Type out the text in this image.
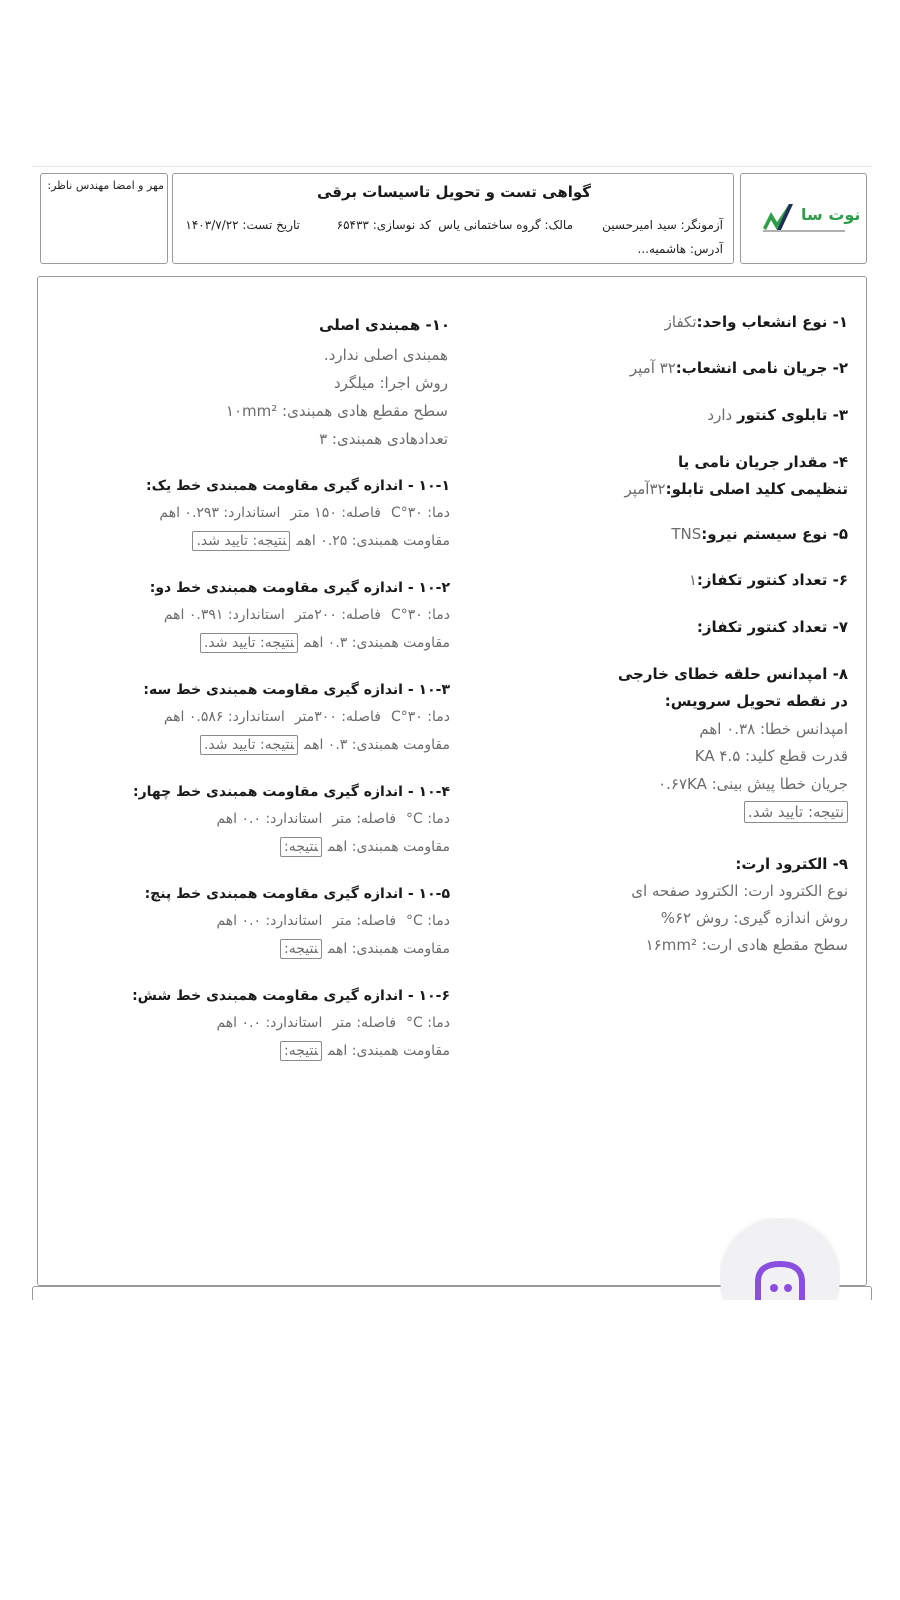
نوت سا
گواهی تست و تحویل تاسیسات برقی
آزمونگر: سید امیرحسین
مالک: گروه ساختمانی یاس
کد نوسازی: ۶۵۴۳۳
تاریخ تست: ۱۴۰۳/۷/۲۲
آدرس: هاشمیه...
مهر و امضا مهندس ناظر:
۱- نوع انشعاب واحد:تکفاز
۲- جریان نامی انشعاب:۳۲ آمپر
۳- تابلوی کنتور دارد
۴- مقدار جریان نامی یا
تنظیمی کلید اصلی تابلو:۳۲آمپر
۵- نوع سیستم نیرو:TNS
۶- تعداد کنتور تکفاز:۱
۷- تعداد کنتور تکفاز:
۸- امپدانس حلقه خطای خارجی
در نقطه تحویل سرویس:
امپدانس خطا: ۰.۳۸ اهم
قدرت قطع کلید: ۴.۵ KA
جریان خطا پیش بینی: ۰.۶۷KA
نتیجه: تایید شد.
۹- الکترود ارت:
نوع الکترود ارت: الکترود صفحه ای
روش اندازه گیری: روش ۶۲%
سطح مقطع هادی ارت: ۱۶mm²
۱۰- همبندی اصلی
همبندی اصلی ندارد.
روش اجرا: میلگرد
سطح مقطع هادی همبندی: ۱۰mm²
تعدادهادی همبندی: ۳
۱۰-۱ - اندازه گیری مقاومت همبندی خط یک:
دما: ۳۰°Cفاصله: ۱۵۰ متراستاندارد: ۰.۲۹۳ اهم
مقاومت همبندی: ۰.۲۵ اهمنتیجه: تایید شد.
۱۰-۲ - اندازه گیری مقاومت همبندی خط دو:
دما: ۳۰°Cفاصله: ۲۰۰متراستاندارد: ۰.۳۹۱ اهم
مقاومت همبندی: ۰.۳ اهمنتیجه: تایید شد.
۱۰-۳ - اندازه گیری مقاومت همبندی خط سه:
دما: ۳۰°Cفاصله: ۳۰۰متراستاندارد: ۰.۵۸۶ اهم
مقاومت همبندی: ۰.۳ اهمنتیجه: تایید شد.
۱۰-۴ - اندازه گیری مقاومت همبندی خط چهار:
دما: C°فاصله: متراستاندارد: ۰.۰ اهم
مقاومت همبندی: اهمنتیجه:
۱۰-۵ - اندازه گیری مقاومت همبندی خط پنچ:
دما: C°فاصله: متراستاندارد: ۰.۰ اهم
مقاومت همبندی: اهمنتیجه:
۱۰-۶ - اندازه گیری مقاومت همبندی خط شش:
دما: C°فاصله: متراستاندارد: ۰.۰ اهم
مقاومت همبندی: اهمنتیجه:
